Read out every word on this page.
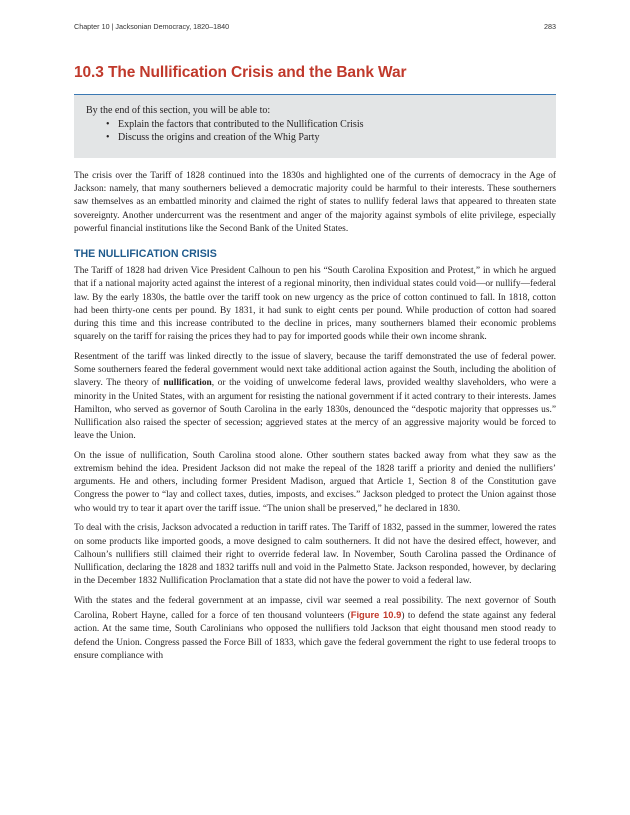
Chapter 10 | Jacksonian Democracy, 1820–1840	283
10.3 The Nullification Crisis and the Bank War
By the end of this section, you will be able to:
• Explain the factors that contributed to the Nullification Crisis
• Discuss the origins and creation of the Whig Party

The crisis over the Tariff of 1828 continued into the 1830s and highlighted one of the currents of democracy in the Age of Jackson: namely, that many southerners believed a democratic majority could be harmful to their interests. These southerners saw themselves as an embattled minority and claimed the right of states to nullify federal laws that appeared to threaten state sovereignty. Another undercurrent was the resentment and anger of the majority against symbols of elite privilege, especially powerful financial institutions like the Second Bank of the United States.

THE NULLIFICATION CRISIS

The Tariff of 1828 had driven Vice President Calhoun to pen his “South Carolina Exposition and Protest,” in which he argued that if a national majority acted against the interest of a regional minority, then individual states could void—or nullify—federal law. By the early 1830s, the battle over the tariff took on new urgency as the price of cotton continued to fall. In 1818, cotton had been thirty-one cents per pound. By 1831, it had sunk to eight cents per pound. While production of cotton had soared during this time and this increase contributed to the decline in prices, many southerners blamed their economic problems squarely on the tariff for raising the prices they had to pay for imported goods while their own income shrank.

Resentment of the tariff was linked directly to the issue of slavery, because the tariff demonstrated the use of federal power. Some southerners feared the federal government would next take additional action against the South, including the abolition of slavery. The theory of nullification, or the voiding of unwelcome federal laws, provided wealthy slaveholders, who were a minority in the United States, with an argument for resisting the national government if it acted contrary to their interests. James Hamilton, who served as governor of South Carolina in the early 1830s, denounced the “despotic majority that oppresses us.” Nullification also raised the specter of secession; aggrieved states at the mercy of an aggressive majority would be forced to leave the Union.

On the issue of nullification, South Carolina stood alone. Other southern states backed away from what they saw as the extremism behind the idea. President Jackson did not make the repeal of the 1828 tariff a priority and denied the nullifiers’ arguments. He and others, including former President Madison, argued that Article 1, Section 8 of the Constitution gave Congress the power to “lay and collect taxes, duties, imposts, and excises.” Jackson pledged to protect the Union against those who would try to tear it apart over the tariff issue. “The union shall be preserved,” he declared in 1830.

To deal with the crisis, Jackson advocated a reduction in tariff rates. The Tariff of 1832, passed in the summer, lowered the rates on some products like imported goods, a move designed to calm southerners. It did not have the desired effect, however, and Calhoun’s nullifiers still claimed their right to override federal law. In November, South Carolina passed the Ordinance of Nullification, declaring the 1828 and 1832 tariffs null and void in the Palmetto State. Jackson responded, however, by declaring in the December 1832 Nullification Proclamation that a state did not have the power to void a federal law.

With the states and the federal government at an impasse, civil war seemed a real possibility. The next governor of South Carolina, Robert Hayne, called for a force of ten thousand volunteers (Figure 10.9) to defend the state against any federal action. At the same time, South Carolinians who opposed the nullifiers told Jackson that eight thousand men stood ready to defend the Union. Congress passed the Force Bill of 1833, which gave the federal government the right to use federal troops to ensure compliance with
